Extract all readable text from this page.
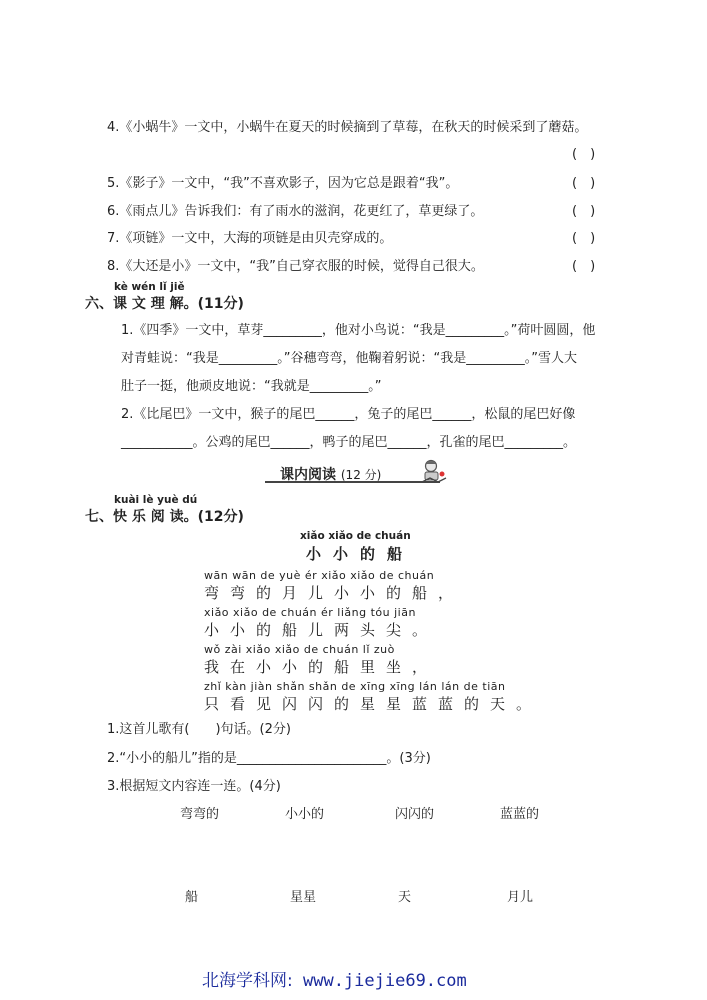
4.《小蜗牛》一文中，小蜗牛在夏天的时候摘到了草莓，在秋天的时候采到了蘑菇。
(　)
5.《影子》一文中，“我”不喜欢影子，因为它总是跟着“我”。	(　)
6.《雨点儿》告诉我们：有了雨水的滋润，花更红了，草更绿了。	(　)
7.《项链》一文中，大海的项链是由贝壳穿成的。	(　)
8.《大还是小》一文中，“我”自己穿衣服的时候，觉得自己很大。	(　)
kè wén lǐ jiě
六、课 文 理 解。(11分)
1.《四季》一文中，草芽_________，他对小鸟说：“我是_________。”荷叶圆圆，他
对青蛙说：“我是_________。”谷穗弯弯，他鞠着躬说：“我是_________。”雪人大
肚子一挺，他顽皮地说：“我就是_________。”
2.《比尾巴》一文中，猴子的尾巴______，兔子的尾巴______，松鼠的尾巴好像
___________。公鸡的尾巴______，鸭子的尾巴______，孔雀的尾巴_________。
课内阅读 (12 分)
kuài lè yuè dú
七、快 乐 阅 读。(12分)
xiǎo xiǎo de chuán
小小的船
wān wān de yuè ér xiǎo xiǎo de chuán
弯弯的月儿小小的船，
xiǎo xiǎo de chuán ér liǎng tóu jiān
小小的船儿两头尖。
wǒ zài xiǎo xiǎo de chuán lǐ zuò
我在小小的船里坐，
zhǐ kàn jiàn shǎn shǎn de xīng xīng lán lán de tiān
只看见闪闪的星星蓝蓝的天。
1.这首儿歌有(　　)句话。(2分)
2.“小小的船儿”指的是_______________________。(3分)
3.根据短文内容连一连。(4分)
弯弯的	小小的	闪闪的	蓝蓝的
船	星星	天	月儿
北海学科网: www.jiejie69.com
